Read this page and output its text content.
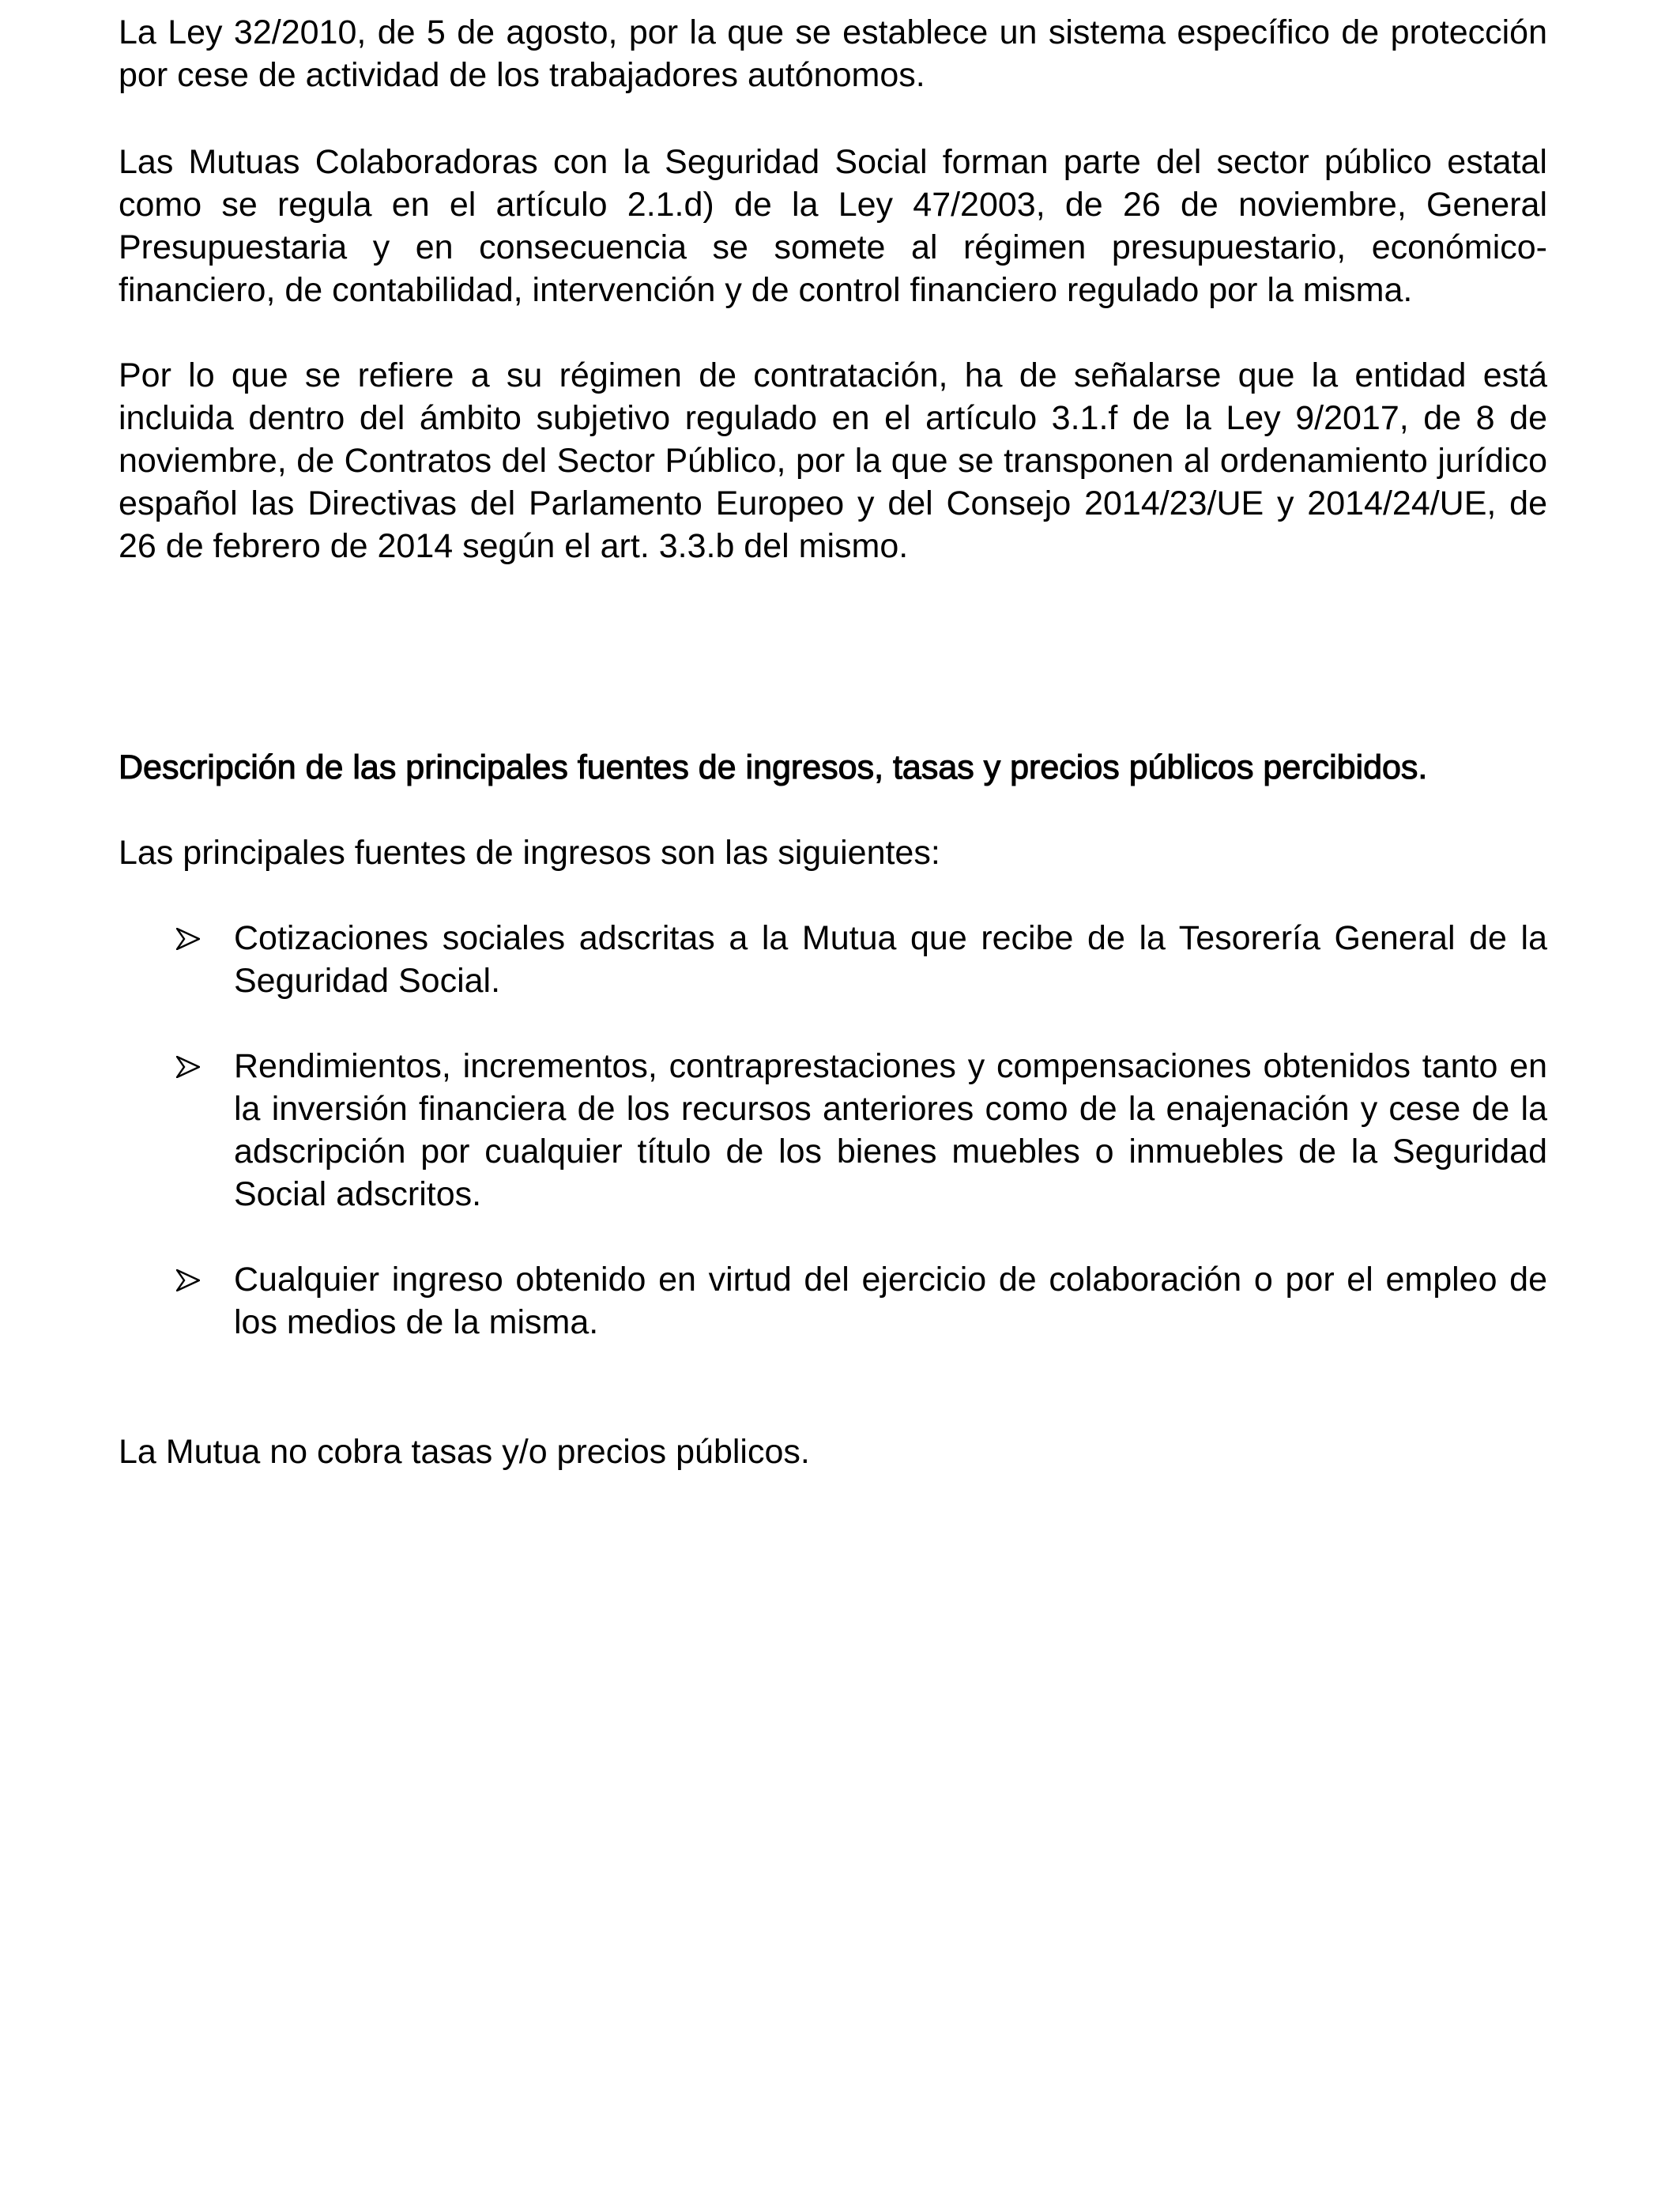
La Ley 32/2010, de 5 de agosto, por la que se establece un sistema específico de protección por cese de actividad de los trabajadores autónomos.

Las Mutuas Colaboradoras con la Seguridad Social forman parte del sector público estatal como se regula en el artículo 2.1.d) de la Ley 47/2003, de 26 de noviembre, General Presupuestaria y en consecuencia se somete al régimen presupuestario, económico-financiero, de contabilidad, intervención y de control financiero regulado por la misma.

Por lo que se refiere a su régimen de contratación, ha de señalarse que la entidad está incluida dentro del ámbito subjetivo regulado en el artículo 3.1.f de la Ley 9/2017, de 8 de noviembre, de Contratos del Sector Público, por la que se transponen al ordenamiento jurídico español las Directivas del Parlamento Europeo y del Consejo 2014/23/UE y 2014/24/UE, de 26 de febrero de 2014 según el art. 3.3.b del mismo.

Descripción de las principales fuentes de ingresos, tasas y precios públicos percibidos.

Las principales fuentes de ingresos son las siguientes:

Cotizaciones sociales adscritas a la Mutua que recibe de la Tesorería General de la Seguridad Social.
Rendimientos, incrementos, contraprestaciones y compensaciones obtenidos tanto en la inversión financiera de los recursos anteriores como de la enajenación y cese de la adscripción por cualquier título de los bienes muebles o inmuebles de la Seguridad Social adscritos.
Cualquier ingreso obtenido en virtud del ejercicio de colaboración o por el empleo de los medios de la misma.

La Mutua no cobra tasas y/o precios públicos.
